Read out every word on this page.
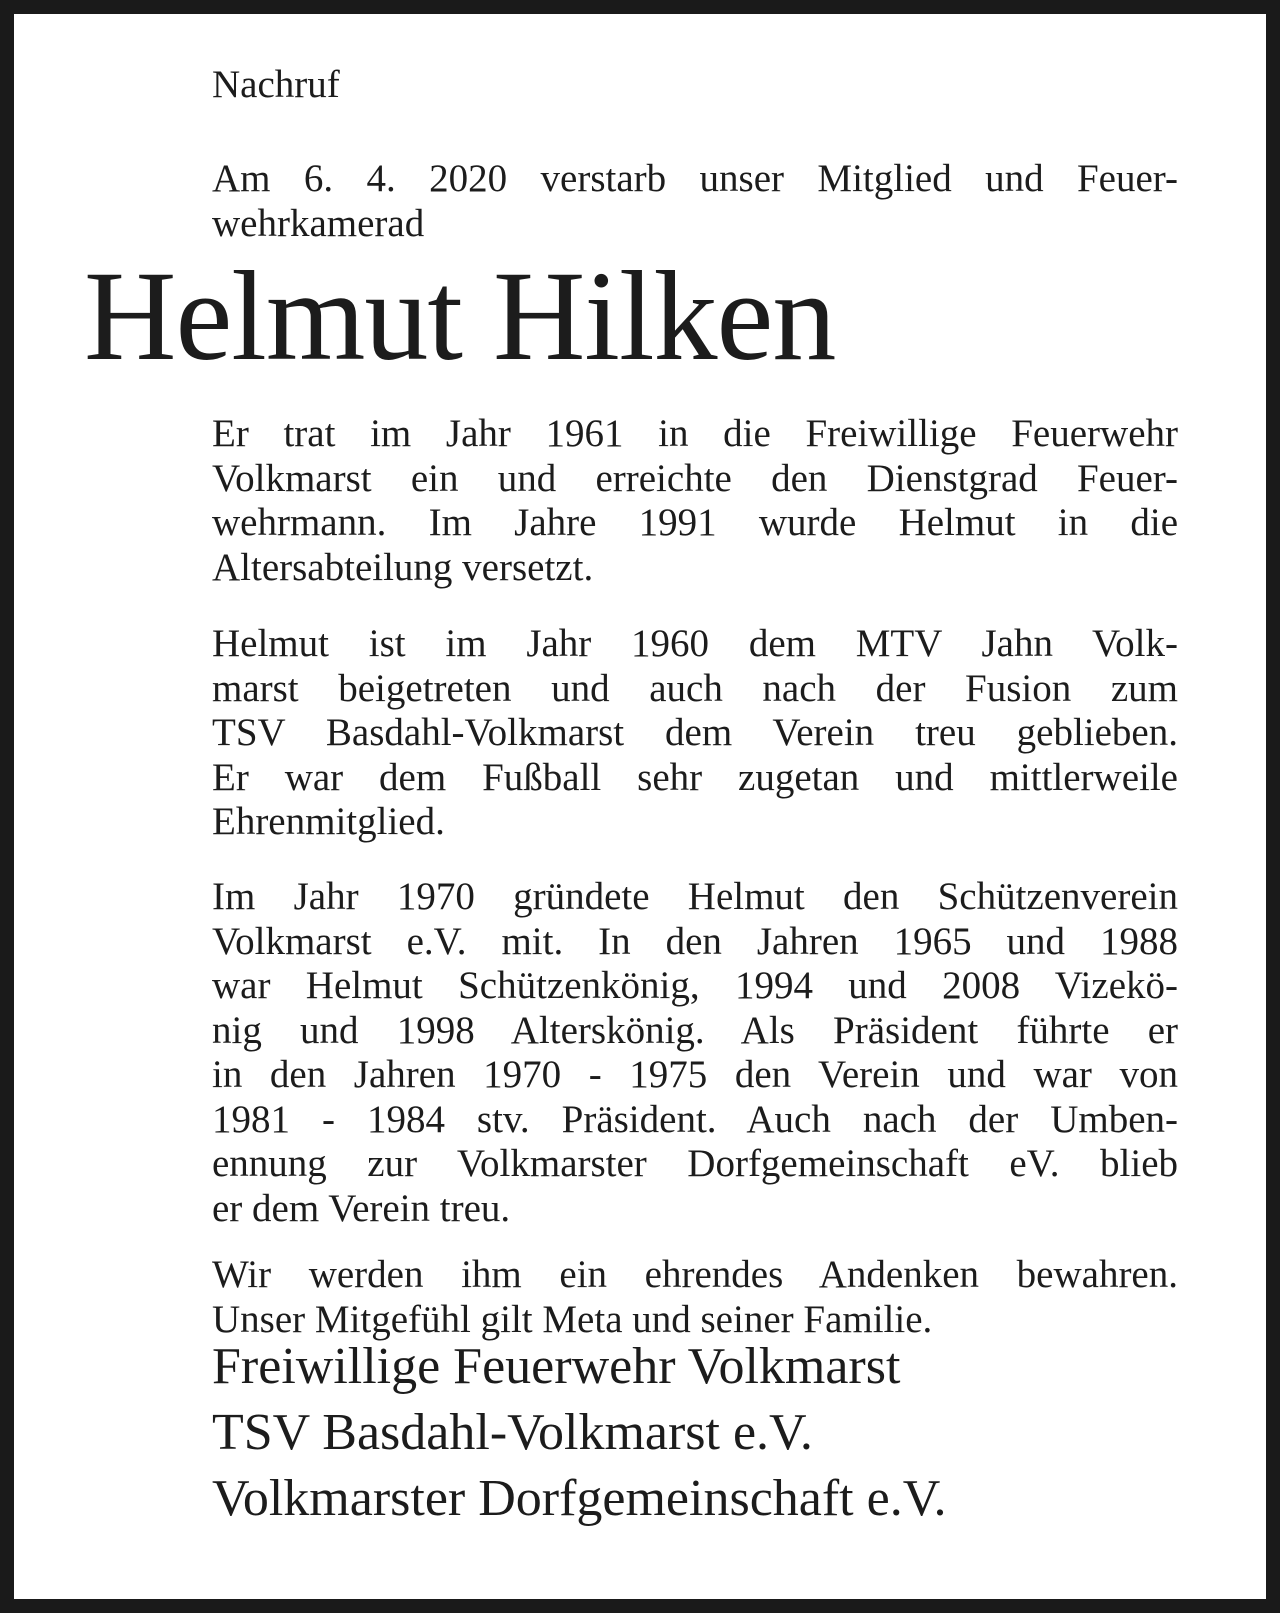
Nachruf

Am 6. 4. 2020 verstarb unser Mitglied und Feuer-
wehrkamerad

Helmut Hilken

Er trat im Jahr 1961 in die Freiwillige Feuerwehr
Volkmarst ein und erreichte den Dienstgrad Feuer-
wehrmann. Im Jahre 1991 wurde Helmut in die
Altersabteilung versetzt.

Helmut ist im Jahr 1960 dem MTV Jahn Volk-
marst beigetreten und auch nach der Fusion zum
TSV Basdahl-Volkmarst dem Verein treu geblieben.
Er war dem Fußball sehr zugetan und mittlerweile
Ehrenmitglied.

Im Jahr 1970 gründete Helmut den Schützenverein
Volkmarst e.V. mit. In den Jahren 1965 und 1988
war Helmut Schützenkönig, 1994 und 2008 Vizekö-
nig und 1998 Alterskönig. Als Präsident führte er
in den Jahren 1970 - 1975 den Verein und war von
1981 - 1984 stv. Präsident. Auch nach der Umben-
ennung zur Volkmarster Dorfgemeinschaft eV. blieb
er dem Verein treu.

Wir werden ihm ein ehrendes Andenken bewahren.
Unser Mitgefühl gilt Meta und seiner Familie.

Freiwillige Feuerwehr Volkmarst
TSV Basdahl-Volkmarst e.V.
Volkmarster Dorfgemeinschaft e.V.
